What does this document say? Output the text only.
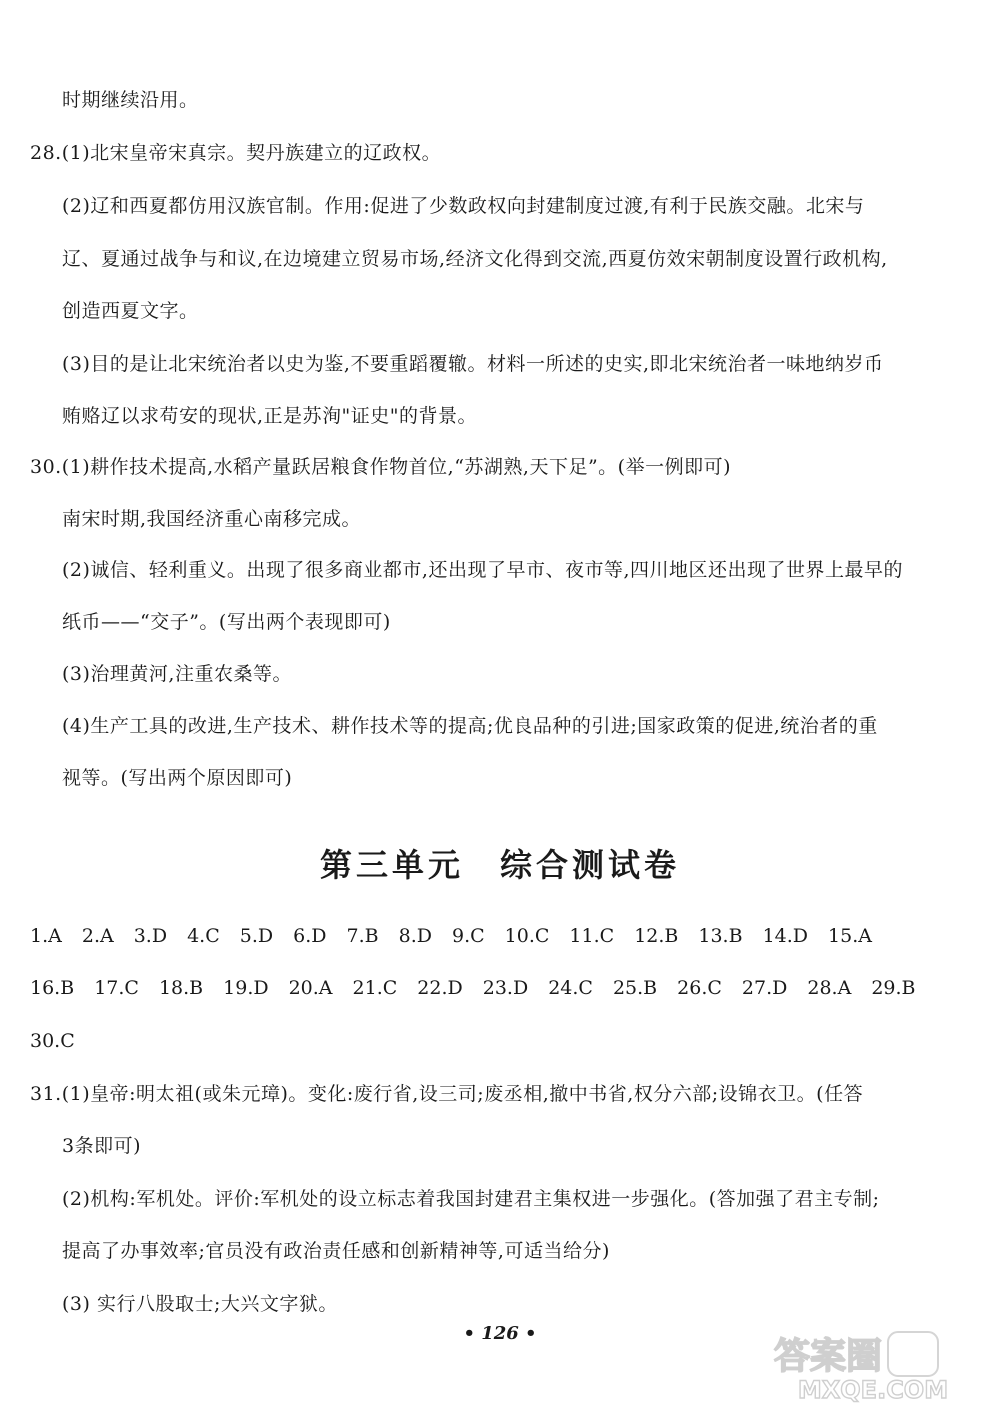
时期继续沿用。
28.(1)北宋皇帝宋真宗。契丹族建立的辽政权。
(2)辽和西夏都仿用汉族官制。作用:促进了少数政权向封建制度过渡,有利于民族交融。北宋与
辽、夏通过战争与和议,在边境建立贸易市场,经济文化得到交流,西夏仿效宋朝制度设置行政机构,
创造西夏文字。
(3)目的是让北宋统治者以史为鉴,不要重蹈覆辙。材料一所述的史实,即北宋统治者一味地纳岁币
贿赂辽以求苟安的现状,正是苏洵"证史"的背景。
30.(1)耕作技术提高,水稻产量跃居粮食作物首位,“苏湖熟,天下足”。(举一例即可)
南宋时期,我国经济重心南移完成。
(2)诚信、轻利重义。出现了很多商业都市,还出现了早市、夜市等,四川地区还出现了世界上最早的
纸币——“交子”。(写出两个表现即可)
(3)治理黄河,注重农桑等。
(4)生产工具的改进,生产技术、耕作技术等的提高;优良品种的引进;国家政策的促进,统治者的重
视等。(写出两个原因即可)
第三单元　综合测试卷
1.A 2.A 3.D 4.C 5.D 6.D 7.B 8.D 9.C 10.C 11.C 12.B 13.B 14.D 15.A
16.B 17.C 18.B 19.D 20.A 21.C 22.D 23.D 24.C 25.B 26.C 27.D 28.A 29.B
30.C
31.(1)皇帝:明太祖(或朱元璋)。变化:废行省,设三司;废丞相,撤中书省,权分六部;设锦衣卫。(任答
3条即可)
(2)机构:军机处。评价:军机处的设立标志着我国封建君主集权进一步强化。(答加强了君主专制;
提高了办事效率;官员没有政治责任感和创新精神等,可适当给分)
(3) 实行八股取士;大兴文字狱。
• 126 •
答案圈
MXQE.COM
